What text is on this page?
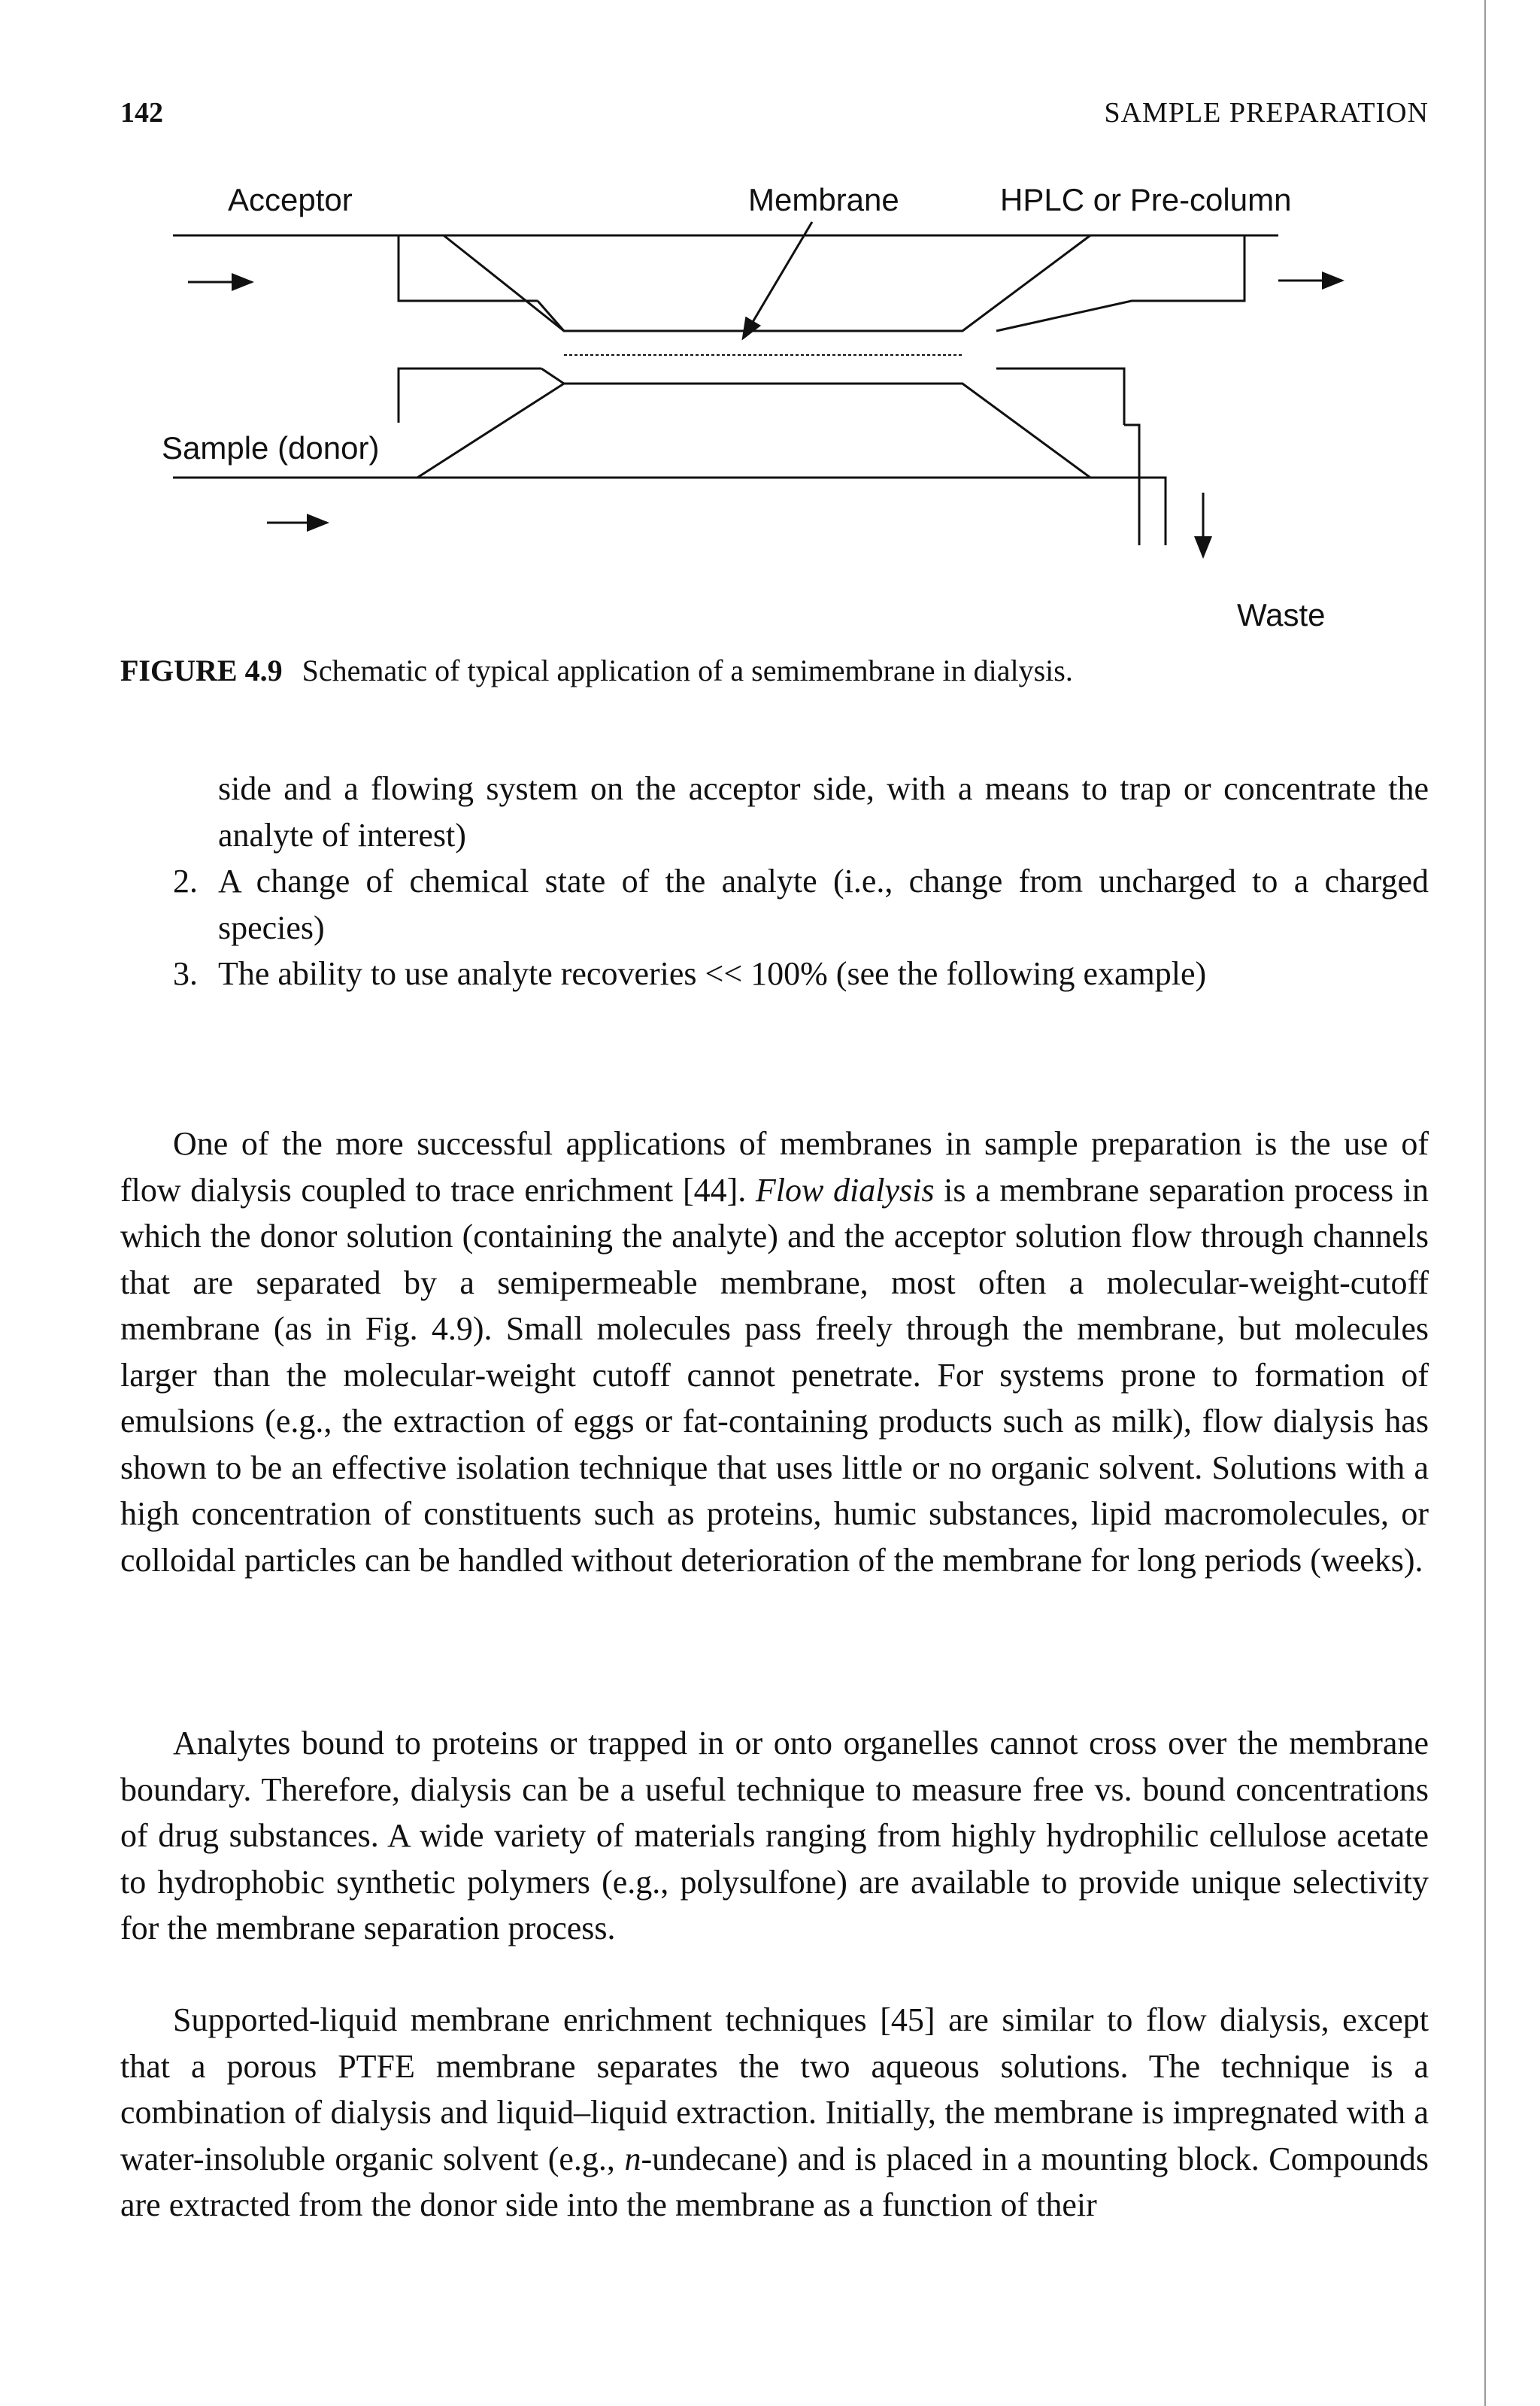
142	SAMPLE PREPARATION
Acceptor	Membrane	HPLC or Pre-column
Sample (donor)
Waste
FIGURE 4.9 Schematic of typical application of a semimembrane in dialysis.
side and a flowing system on the acceptor side, with a means to trap or concentrate the analyte of interest)
2. A change of chemical state of the analyte (i.e., change from uncharged to a charged species)
3. The ability to use analyte recoveries << 100% (see the following example)

One of the more successful applications of membranes in sample preparation is the use of flow dialysis coupled to trace enrichment [44]. Flow dialysis is a membrane separation process in which the donor solution (containing the analyte) and the acceptor solution flow through channels that are separated by a semipermeable membrane, most often a molecular-weight-cutoff membrane (as in Fig. 4.9). Small molecules pass freely through the membrane, but molecules larger than the molecular-weight cutoff cannot penetrate. For systems prone to formation of emulsions (e.g., the extraction of eggs or fat-containing products such as milk), flow dialysis has shown to be an effective isolation technique that uses little or no organic solvent. Solutions with a high concentration of constituents such as proteins, humic substances, lipid macromolecules, or colloidal particles can be handled without deterioration of the membrane for long periods (weeks).

Analytes bound to proteins or trapped in or onto organelles cannot cross over the membrane boundary. Therefore, dialysis can be a useful technique to measure free vs. bound concentrations of drug substances. A wide variety of materials ranging from highly hydrophilic cellulose acetate to hydrophobic synthetic polymers (e.g., polysulfone) are available to provide unique selectivity for the membrane separation process.

Supported-liquid membrane enrichment techniques [45] are similar to flow dialysis, except that a porous PTFE membrane separates the two aqueous solutions. The technique is a combination of dialysis and liquid–liquid extraction. Initially, the membrane is impregnated with a water-insoluble organic solvent (e.g., n-undecane) and is placed in a mounting block. Compounds are extracted from the donor side into the membrane as a function of their
